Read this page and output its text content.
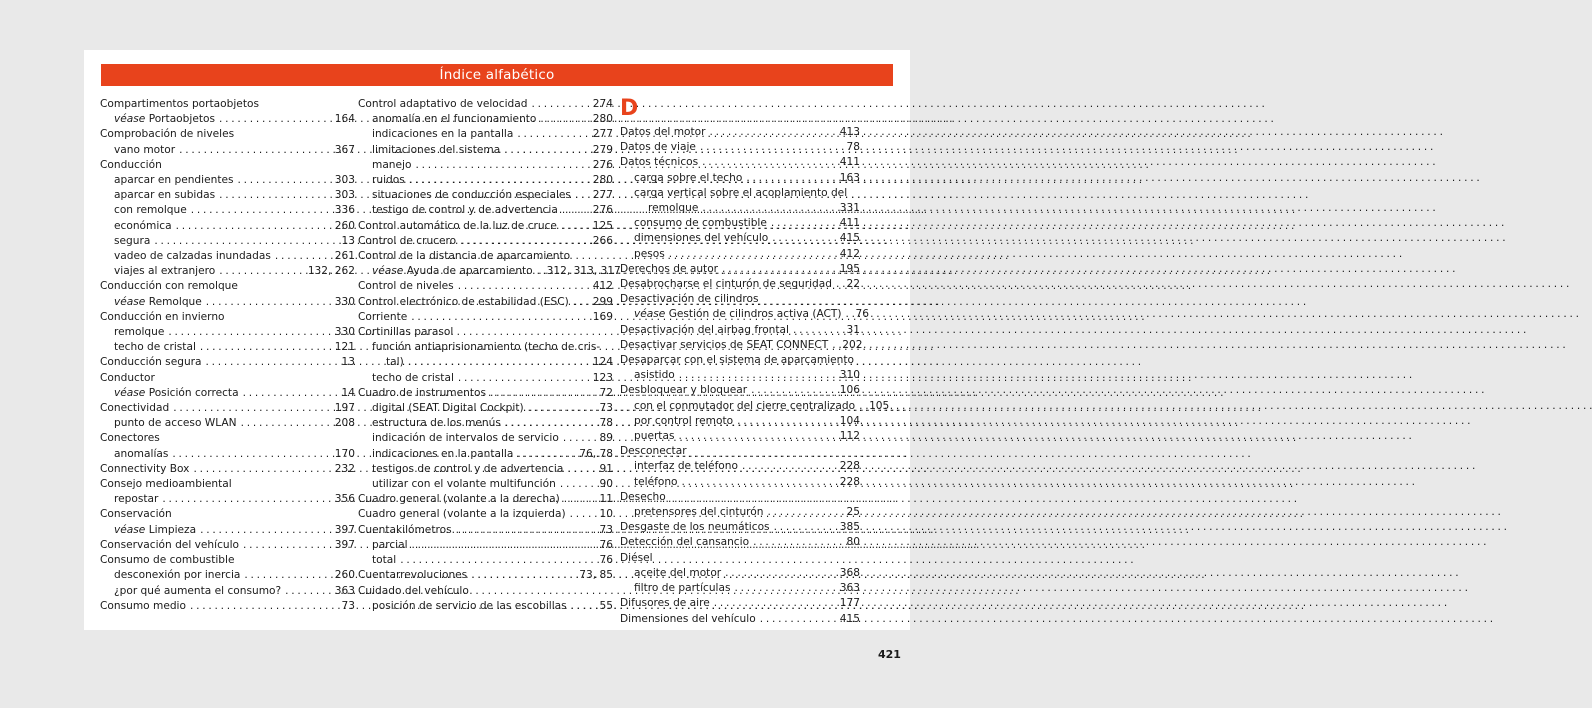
Índice alfabético
Compartimentos portaobjetos
véase Portaobjetos . . .	164
Comprobación de niveles
vano motor . . .	367
Conducción
aparcar en pendientes . . .	303
aparcar en subidas . . .	303
con remolque . . .	336
económica . . .	260
segura . . .	13
vadeo de calzadas inundadas . . .	261
viajes al extranjero . . .	132, 262
Conducción con remolque
véase Remolque . . .	330
Conducción en invierno
remolque . . .	330
techo de cristal . . .	121
Conducción segura . . .	13
Conductor
véase Posición correcta . . .	14
Conectividad . . .	197
punto de acceso WLAN . . .	208
Conectores
anomalías . . .	170
Connectivity Box . . .	232
Consejo medioambiental
repostar . . .	356
Conservación
véase Limpieza . . .	397
Conservación del vehículo . . .	397
Consumo de combustible
desconexión por inercia . . .	260
¿por qué aumenta el consumo? . . .	363
Consumo medio . . .	73
Control adaptativo de velocidad . . .	274
anomalía en el funcionamiento . . .	280
indicaciones en la pantalla . . .	277
limitaciones del sistema . . .	279
manejo . . .	276
ruidos . . .	280
situaciones de conducción especiales . . . 277
testigo de control y de advertencia . . .	276
Control automático de la luz de cruce . . .	125
Control de crucero . . .	266
Control de la distancia de aparcamiento
véase Ayuda de aparcamiento . . . 312, 313, 317
Control de niveles . . .	412
Control electrónico de estabilidad (ESC) . . . 299
Corriente . . .	169
Cortinillas parasol
función antiaprisionamiento (techo de cris-
tal) . . .	124
techo de cristal . . .	123
Cuadro de instrumentos . . .	72
digital (SEAT Digital Cockpit) . . .	73
estructura de los menús . . .	78
indicación de intervalos de servicio . . .	89
indicaciones en la pantalla . . .	76, 78
testigos de control y de advertencia . . .	91
utilizar con el volante multifunción . . .	90
Cuadro general (volante a la derecha) . . .	11
Cuadro general (volante a la izquierda) . . .	10
Cuentakilómetros . . .	73
parcial . . .	76
total . . .	76
Cuentarrevoluciones . . .	73, 85
Cuidado del vehículo
posición de servicio de las escobillas . . .	55
D
Datos del motor . . .	413
Datos de viaje . . .	78
Datos técnicos . . .	411
carga sobre el techo . . .	163
carga vertical sobre el acoplamiento del
remolque . . .	331
consumo de combustible . . .	411
dimensiones del vehículo . . .	415
pesos . . .	412
Derechos de autor . . .	195
Desabrocharse el cinturón de seguridad . . . 22
Desactivación de cilindros
véase Gestión de cilindros activa (ACT) . . . 76
Desactivación del airbag frontal . . .	31
Desactivar servicios de SEAT CONNECT . . . 202
Desaparcar con el sistema de aparcamiento
asistido . . .	310
Desbloquear y bloquear . . .	106
con el conmutador del cierre centralizado . . . 105
por control remoto . . .	104
puertas . . .	112
Desconectar
interfaz de teléfono . . .	228
teléfono . . .	228
Desecho
pretensores del cinturón . . .	25
Desgaste de los neumáticos . . .	385
Detección del cansancio . . .	80
Diésel
aceite del motor . . .	368
filtro de partículas . . .	363
Difusores de aire . . .	177
Dimensiones del vehículo . . .	415
421
